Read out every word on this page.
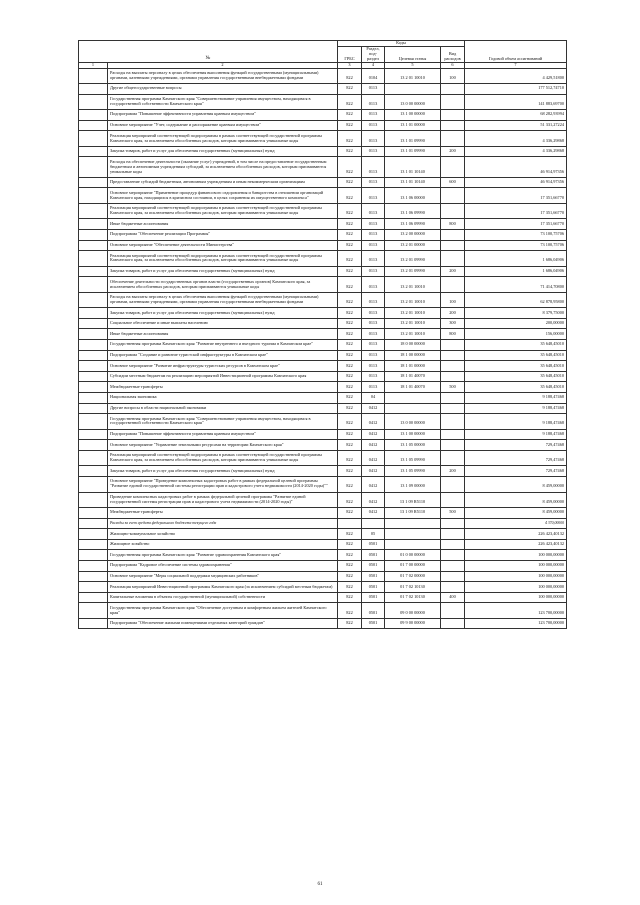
№		Коды				Годовой объем ассигнований
		ГРБС	Раздел, под-раздел	Целевая статья	Вид расходов	
1	2	3	4	5	6	7
	Расходы на выплаты персоналу в целях обеспечения выполнения функций государственными (муниципальными) органами, казенными учреждениями, органами управления государственными внебюджетными фондами	822	0104	13 2 01 10010	100	4 429,51800
	Другие общегосударственные вопросы	822	0113			177 512,74710
	Государственная программа Камчатского края "Совершенствование управления имуществом, находящимся в государственной собственности Камчатского края"	822	0113	13 0 00 00000		141 883,69700
	Подпрограмма "Повышение эффективности управления краевым имуществом"	822	0113	13 1 00 00000		68 282,93994
	Основное мероприятие "Учет, содержание и распоряжение краевым имуществом"	822	0113	13 1 01 00000		51 331,27224
	Реализация мероприятий соответствующей подпрограммы в рамках соответствующей государственной программы Камчатского края, за исключением обособленных расходов, которым присваиваются уникальные коды	822	0113	13 1 01 09990		4 336,29868
	Закупка товаров, работ и услуг для обеспечения государственных (муниципальных) нужд	822	0113	13 1 01 09990	200	4 336,29868
	Расходы на обеспечение деятельности (оказание услуг) учреждений, в том числе на предоставление государственным бюджетным и автономным учреждениям субсидий, за исключением обособленных расходов, которым присваиваются уникальные коды	822	0113	13 1 01 10140		46 914,97356
	Предоставление субсидий бюджетным, автономным учреждениям и иным некоммерческим организациям	822	0113	13 1 01 10140	600	46 914,97356
	Основное мероприятие "Применение процедур финансового оздоровления и банкротства в отношении организаций Камчатского края, находящихся в кризисном состоянии, в целях сохранения их имущественного комплекса"	822	0113	13 1 06 00000		17 351,66770
	Реализация мероприятий соответствующей подпрограммы в рамках соответствующей государственной программы Камчатского края, за исключением обособленных расходов, которым присваиваются уникальные коды	822	0113	13 1 06 09990		17 351,66770
	Иные бюджетные ассигнования	822	0113	13 1 06 09990	800	17 351,66770
	Подпрограмма "Обеспечение реализации Программы"	822	0113	13 2 00 00000		73 100,75706
	Основное мероприятие "Обеспечение деятельности Министерства"	822	0113	13 2 01 00000		73 100,75706
	Реализация мероприятий соответствующей подпрограммы в рамках соответствующей государственной программы Камчатского края, за исключением обособленных расходов, которым присваиваются уникальные коды	822	0113	13 2 01 09990		1 686,04906
	Закупка товаров, работ и услуг для обеспечения государственных (муниципальных) нужд	822	0113	13 2 01 09990	200	1 686,04906
	Обеспечение деятельности государственных органов власти (государственных органов) Камчатского края, за исключением обособленных расходов, которым присваиваются уникальные коды	822	0113	13 2 01 10010		71 414,70800
	Расходы на выплаты персоналу в целях обеспечения выполнения функций государственными (муниципальными) органами, казенными учреждениями, органами управления государственными внебюджетными фондами	822	0113	13 2 01 10010	100	62 878,95800
	Закупка товаров, работ и услуг для обеспечения государственных (муниципальных) нужд	822	0113	13 2 01 10010	200	8 379,75000
	Социальное обеспечение и иные выплаты населению	822	0113	13 2 01 10010	300	200,00000
	Иные бюджетные ассигнования	822	0113	13 2 01 10010	800	156,00000
	Государственная программа Камчатского края "Развитие внутреннего и въездного туризма в Камчатском крае"	822	0113	18 0 00 00000		35 648,45010
	Подпрограмма "Создание и развитие туристской инфраструктуры в Камчатском крае"	822	0113	18 1 00 00000		35 648,45010
	Основное мероприятие "Развитие инфраструктуры туристских ресурсов в Камчатском крае"	822	0113	18 1 01 00000		35 648,45010
	Субсидии местным бюджетам на реализацию мероприятий Инвестиционной программы Камчатского края	822	0113	18 1 01 40070		35 648,45010
	Межбюджетные трансферты	822	0113	18 1 01 40070	500	35 648,45010
	Национальная экономика	822	04			9 188,47468
	Другие вопросы в области национальной экономики	822	0412			9 188,47468
	Государственная программа Камчатского края "Совершенствование управления имуществом, находящимся в государственной собственности Камчатского края"	822	0412	13 0 00 00000		9 188,47468
	Подпрограмма "Повышение эффективности управления краевым имуществом"	822	0412	13 1 00 00000		9 188,47468
	Основное мероприятие "Управление земельными ресурсами на территории Камчатского края"	822	0412	13 1 05 00000		729,47468
	Реализация мероприятий соответствующей подпрограммы в рамках соответствующей государственной программы Камчатского края, за исключением обособленных расходов, которым присваиваются уникальные коды	822	0412	13 1 05 09990		729,47468
	Закупка товаров, работ и услуг для обеспечения государственных (муниципальных) нужд	822	0412	13 1 05 09990	200	729,47468
	Основное мероприятие "Проведение комплексных кадастровых работ в рамках федеральной целевой программы "Развитие единой государственной системы регистрации прав и кадастрового учета недвижимости (2014-2020 годы)""	822	0412	13 1 09 00000		8 459,00000
	Проведение комплексных кадастровых работ в рамках федеральной целевой программы "Развитие единой государственной системы регистрации прав и кадастрового учета недвижимости (2014-2020 годы)"	822	0412	13 1 09 R5110		8 459,00000
	Межбюджетные трансферты	822	0412	13 1 09 R5110	500	8 459,00000
	Расходы за счет средств федерального бюджета текущего года					4 370,00000
	Жилищно-коммунальное хозяйство	822	05			226 423,40132
	Жилищное хозяйство	822	0501			226 423,40132
	Государственная программа Камчатского края "Развитие здравоохранения Камчатского края"	822	0501	01 0 00 00000		100 000,00000
	Подпрограмма "Кадровое обеспечение системы здравоохранения"	822	0501	01 7 00 00000		100 000,00000
	Основное мероприятие "Меры социальной поддержки медицинских работников"	822	0501	01 7 02 00000		100 000,00000
	Реализация мероприятий Инвестиционной программы Камчатского края (за исключением субсидий местным бюджетам)	822	0501	01 7 02 10130		100 000,00000
	Капитальные вложения в объекты государственной (муниципальной) собственности	822	0501	01 7 02 10130	400	100 000,00000
	Государственная программа Камчатского края "Обеспечение доступным и комфортным жильем жителей Камчатского края"	822	0501	09 0 00 00000		123 700,00000
	Подпрограмма "Обеспечение жилыми помещениями отдельных категорий граждан"	822	0501	09 9 00 00000		123 700,00000
61
